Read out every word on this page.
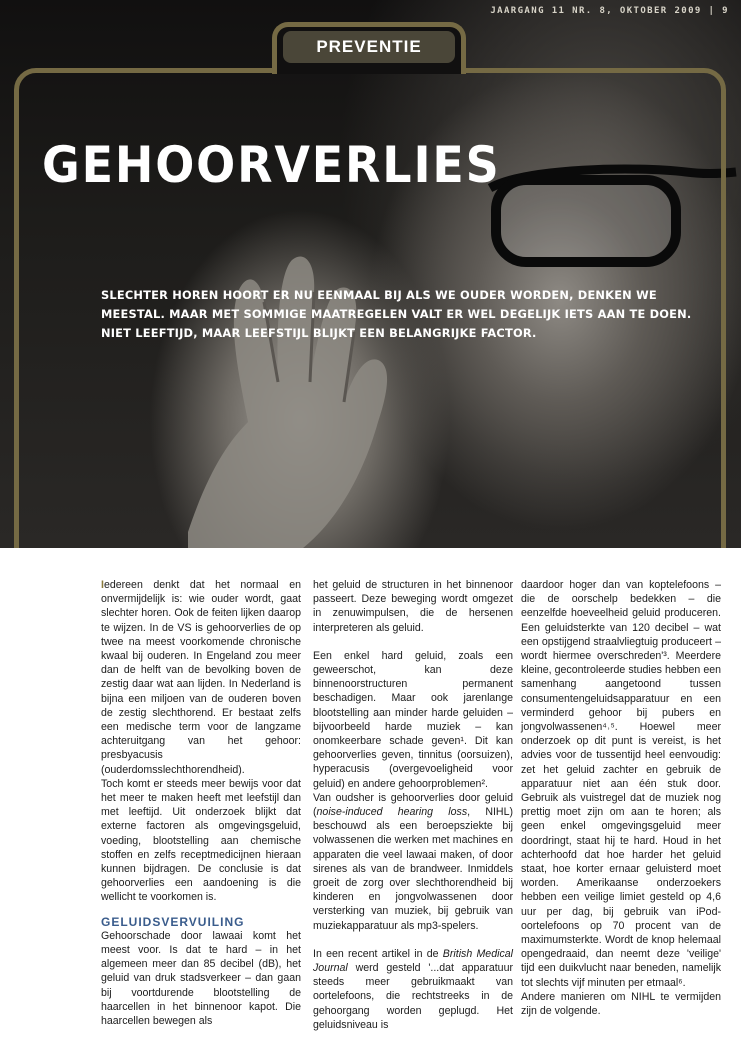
PREVENTIE
JAARGANG 11 NR. 8, OKTOBER 2009 | 9
GEHOORVERLIES
SLECHTER HOREN HOORT ER NU EENMAAL BIJ ALS WE OUDER WORDEN, DENKEN WE MEESTAL. MAAR MET SOMMIGE MAATREGELEN VALT ER WEL DEGELIJK IETS AAN TE DOEN. NIET LEEFTIJD, MAAR LEEFSTIJL BLIJKT EEN BELANGRIJKE FACTOR.

Iedereen denkt dat het normaal en onvermijdelijk is: wie ouder wordt, gaat slechter horen. Ook de feiten lijken daarop te wijzen. In de VS is gehoorverlies de op twee na meest voorkomende chronische kwaal bij ouderen. In Engeland zou meer dan de helft van de bevolking boven de zestig daar wat aan lijden. In Nederland is bijna een miljoen van de ouderen boven de zestig slechthorend. Er bestaat zelfs een medische term voor de langzame achteruitgang van het gehoor: presbyacusis (ouderdomsslechthorendheid).

Toch komt er steeds meer bewijs voor dat het meer te maken heeft met leefstijl dan met leeftijd. Uit onderzoek blijkt dat externe factoren als omgevingsgeluid, voeding, blootstelling aan chemische stoffen en zelfs receptmedicijnen hieraan kunnen bijdragen. De conclusie is dat gehoorverlies een aandoening is die wellicht te voorkomen is.

GELUIDSVERVUILING

Gehoorschade door lawaai komt het meest voor. Is dat te hard – in het algemeen meer dan 85 decibel (dB), het geluid van druk stadsverkeer – dan gaan bij voortdurende blootstelling de haarcellen in het binnenoor kapot. Die haarcellen bewegen als

het geluid de structuren in het binnenoor passeert. Deze beweging wordt omgezet in zenuwimpulsen, die de hersenen interpreteren als geluid.

Een enkel hard geluid, zoals een geweerschot, kan deze binnenoorstructuren permanent beschadigen. Maar ook jarenlange blootstelling aan minder harde geluiden – bijvoorbeeld harde muziek – kan onomkeerbare schade geven¹. Dit kan gehoorverlies geven, tinnitus (oorsuizen), hyperacusis (overgevoeligheid voor geluid) en andere gehoorproblemen².

Van oudsher is gehoorverlies door geluid (noise-induced hearing loss, NIHL) beschouwd als een beroepsziekte bij volwassenen die werken met machines en apparaten die veel lawaai maken, of door sirenes als van de brandweer. Inmiddels groeit de zorg over slechthorendheid bij kinderen en jongvolwassenen door versterking van muziek, bij gebruik van muziekapparatuur als mp3-spelers.

In een recent artikel in de British Medical Journal werd gesteld '...dat apparatuur steeds meer gebruikmaakt van oortelefoons, die rechtstreeks in de gehoorgang worden geplugd. Het geluidsniveau is

daardoor hoger dan van koptelefoons – die de oorschelp bedekken – die eenzelfde hoeveelheid geluid produceren. Een geluidsterkte van 120 decibel – wat een opstijgend straalvliegtuig produceert – wordt hiermee overschreden'³. Meerdere kleine, gecontroleerde studies hebben een samenhang aangetoond tussen consumentengeluidsapparatuur en een verminderd gehoor bij pubers en jongvolwassenen⁴˒⁵. Hoewel meer onderzoek op dit punt is vereist, is het advies voor de tussentijd heel eenvoudig: zet het geluid zachter en gebruik de apparatuur niet aan één stuk door. Gebruik als vuistregel dat de muziek nog prettig moet zijn om aan te horen; als geen enkel omgevingsgeluid meer doordringt, staat hij te hard. Houd in het achterhoofd dat hoe harder het geluid staat, hoe korter ernaar geluisterd moet worden. Amerikaanse onderzoekers hebben een veilige limiet gesteld op 4,6 uur per dag, bij gebruik van iPod-oortelefoons op 70 procent van de maximumsterkte. Wordt de knop helemaal opengedraaid, dan neemt deze 'veilige' tijd een duikvlucht naar beneden, namelijk tot slechts vijf minuten per etmaal⁶.

Andere manieren om NIHL te vermijden zijn de volgende.
